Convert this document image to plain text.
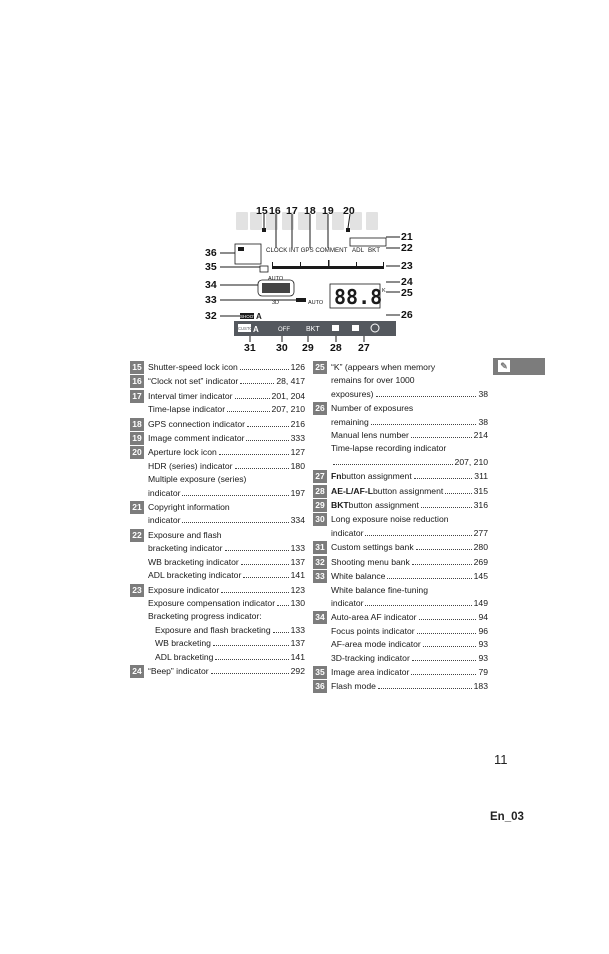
CLOCK INT GPS COMMENT ADL BKT
AUTO
3D	AUTO 88.8 K
SHOOT A
CUSTOM
A	OFF BKT
15 16 17 18 19 20
21
22
23
24
25
26
36
35
34
33
32
31 30 29 28 27
✎
15 Shutter-speed lock icon	126
16 “Clock not set” indicator	28, 417
17 Interval timer indicator	201, 204
Time-lapse indicator	207, 210
18 GPS connection indicator	216
19 Image comment indicator	333
20 Aperture lock icon	127
HDR (series) indicator	180
Multiple exposure (series)
indicator	197
21 Copyright information
indicator	334
22 Exposure and flash
bracketing indicator	133
WB bracketing indicator	137
ADL bracketing indicator	141
23 Exposure indicator	123
Exposure compensation indicator 130
Bracketing progress indicator:
Exposure and flash bracketing 133
WB bracketing	137
ADL bracketing	141
24 “Beep” indicator	292
25 “K” (appears when memory
remains for over 1000
exposures)	38
26 Number of exposures
remaining	38
Manual lens number	214
Time-lapse recording indicator
207, 210
27 Fn button assignment	311
28 AE-L/AF-L button assignment	315
29 BKT button assignment	316
30 Long exposure noise reduction
indicator	277
31 Custom settings bank	280
32 Shooting menu bank	269
33 White balance	145
White balance fine-tuning
indicator	149
34 Auto-area AF indicator	94
Focus points indicator	96
AF-area mode indicator	93
3D-tracking indicator	93
35 Image area indicator	79
36 Flash mode	183
11
En_03
